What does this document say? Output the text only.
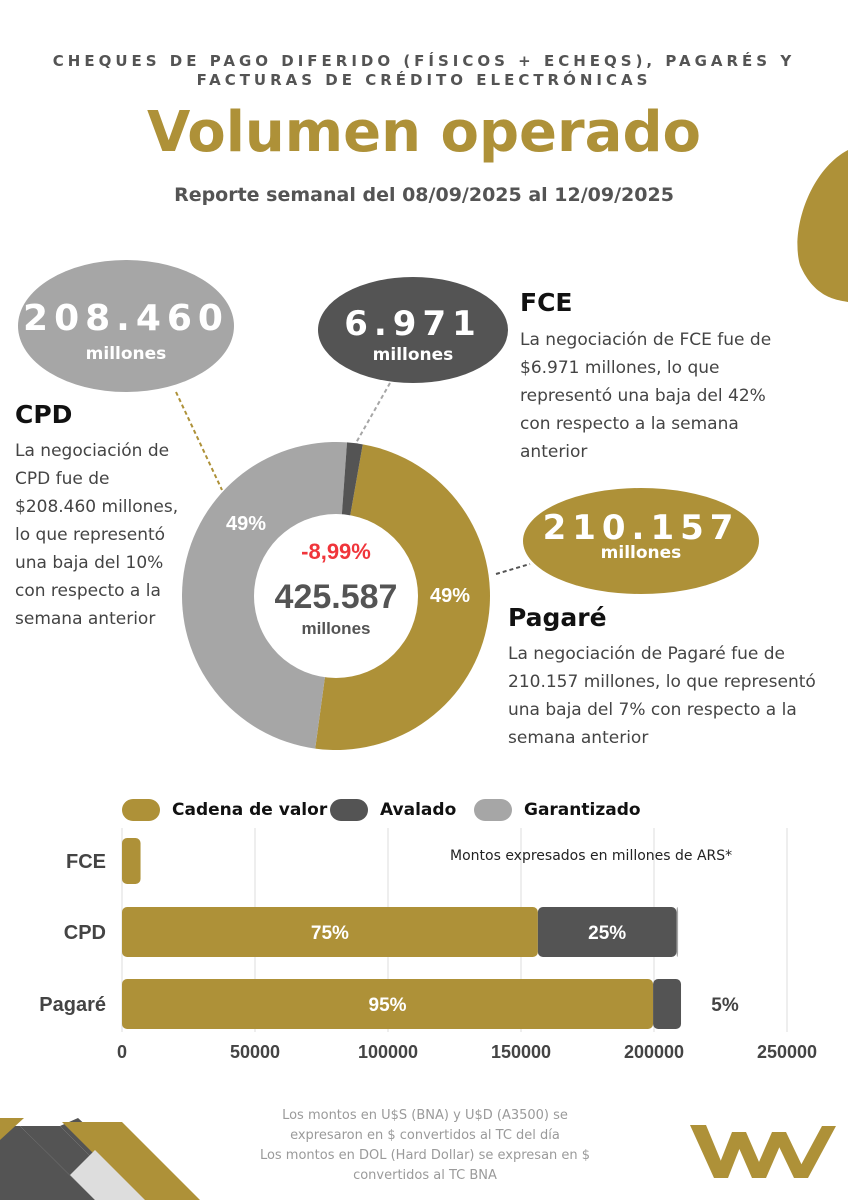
49%
49%
-8,99%
425.587
millones
75%	25%
95%	5%
0	50000	100000	150000	200000	250000
FCE
CPD
Pagaré
CHEQUES DE PAGO DIFERIDO (FÍSICOS + ECHEQS), PAGARÉS Y
FACTURAS DE CRÉDITO ELECTRÓNICAS
Volumen operado
Reporte semanal del 08/09/2025 al 12/09/2025
208.460
millones
6.971
millones
210.157
millones
CPD
La negociación de CPD fue de $208.460 millones, lo que representó una baja del 10% con respecto a la semana anterior
FCE
La negociación de FCE fue de $6.971 millones, lo que representó una baja del 42% con respecto a la semana anterior
Pagaré
La negociación de Pagaré fue de 210.157 millones, lo que representó una baja del 7% con respecto a la semana anterior
Cadena de valor	Avalado	Garantizado
Montos expresados en millones de ARS*
Los montos en U$S (BNA) y U$D (A3500) se
expresaron en $ convertidos al TC del día
Los montos en DOL (Hard Dollar) se expresan en $
convertidos al TC BNA
